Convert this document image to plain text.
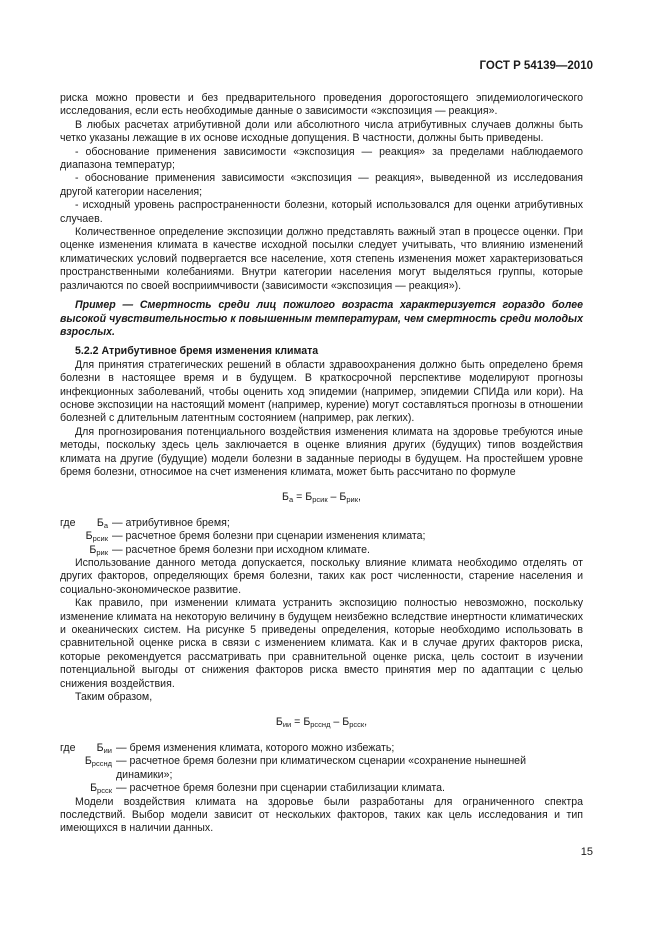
ГОСТ Р 54139—2010

риска можно провести и без предварительного проведения дорогостоящего эпидемиологического исследования, если есть необходимые данные о зависимости «экспозиция — реакция».

В любых расчетах атрибутивной доли или абсолютного числа атрибутивных случаев должны быть четко указаны лежащие в их основе исходные допущения. В частности, должны быть приведены.

- обоснование применения зависимости «экспозиция — реакция» за пределами наблюдаемого диапазона температур;

- обоснование применения зависимости «экспозиция — реакция», выведенной из исследования другой категории населения;

- исходный уровень распространенности болезни, который использовался для оценки атрибутивных случаев.

Количественное определение экспозиции должно представлять важный этап в процессе оценки. При оценке изменения климата в качестве исходной посылки следует учитывать, что влиянию изменений климатических условий подвергается все население, хотя степень изменения может характеризоваться пространственными колебаниями. Внутри категории населения могут выделяться группы, которые различаются по своей восприимчивости (зависимости «экспозиция — реакция»).

Пример — Смертность среди лиц пожилого возраста характеризуется гораздо более высокой чувствительностью к повышенным температурам, чем смертность среди молодых взрослых.

5.2.2 Атрибутивное бремя изменения климата

Для принятия стратегических решений в области здравоохранения должно быть определено бремя болезни в настоящее время и в будущем. В краткосрочной перспективе моделируют прогнозы инфекционных заболеваний, чтобы оценить ход эпидемии (например, эпидемии СПИДа или кори). На основе экспозиции на настоящий момент (например, курение) могут составляться прогнозы в отношении болезней с длительным латентным состоянием (например, рак легких).

Для прогнозирования потенциального воздействия изменения климата на здоровье требуются иные методы, поскольку здесь цель заключается в оценке влияния других (будущих) типов воздействия климата на другие (будущие) модели болезни в заданные периоды в будущем. На простейшем уровне бремя болезни, относимое на счет изменения климата, может быть рассчитано по формуле

$Б_а = Б_{рсик} - Б_{рик}$,
где	$Б_а$ — атрибутивное бремя;
$Б_{рсик}$ — расчетное бремя болезни при сценарии изменения климата;
$Б_{рик}$ — расчетное бремя болезни при исходном климате.

Использование данного метода допускается, поскольку влияние климата необходимо отделять от других факторов, определяющих бремя болезни, таких как рост численности, старение населения и социально-экономическое развитие.

Как правило, при изменении климата устранить экспозицию полностью невозможно, поскольку изменение климата на некоторую величину в будущем неизбежно вследствие инертности климатических и океанических систем. На рисунке 5 приведены определения, которые необходимо использовать в сравнительной оценке риска в связи с изменением климата. Как и в случае других факторов риска, которые рекомендуется рассматривать при сравнительной оценке риска, цель состоит в изучении потенциальной выгоды от снижения факторов риска вместо принятия мер по адаптации с целью снижения воздействия.

Таким образом,

$Б_{ии} = Б_{рсснд} - Б_{рсск}$,
где	$Б_{ии}$ — бремя изменения климата, которого можно избежать;
$Б_{рсснд}$ — расчетное бремя болезни при климатическом сценарии «сохранение нынешней динамики»;
$Б_{рсск}$ — расчетное бремя болезни при сценарии стабилизации климата.

Модели воздействия климата на здоровье были разработаны для ограниченного спектра последствий. Выбор модели зависит от нескольких факторов, таких как цель исследования и тип имеющихся в наличии данных.

15
